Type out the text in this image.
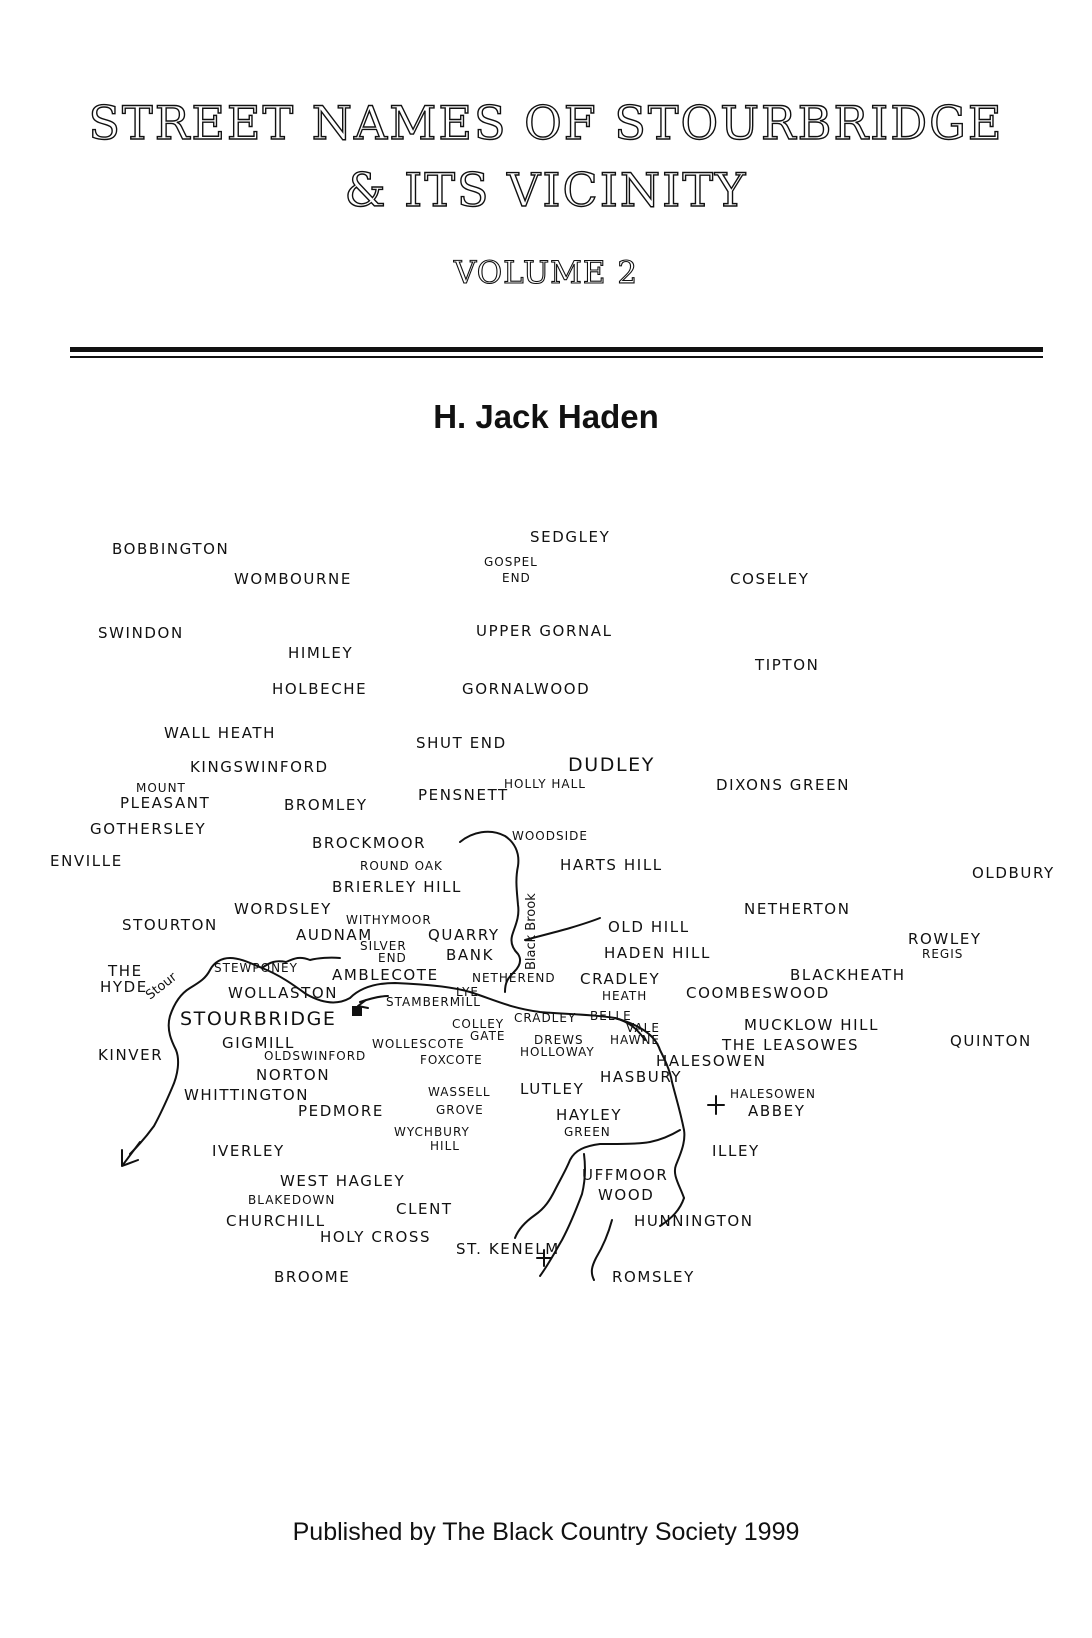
STREET NAMES OF STOURBRIDGE
& ITS VICINITY
VOLUME 2
H. Jack Haden
Stour
Black Brook
SEDGLEY
BOBBINGTON
WOMBOURNE
GOSPEL
END	COSELEY
SWINDON	UPPER GORNAL
HIMLEY
TIPTON
HOLBECHE	GORNALWOOD
WALL HEATH
SHUT END
DUDLEY
KINGSWINFORD
HOLLY HALL	DIXONS GREEN
MOUNT
PLEASANT	PENSNETT
BROMLEY
GOTHERSLEY	WOODSIDE
BROCKMOOR
ENVILLE	ROUND OAK	HARTS HILL	OLDBURY
BRIERLEY HILL
WORDSLEY	NETHERTON
STOURTON	WITHYMOOR
AUDNAM	QUARRY	OLD HILL
ROWLEY
REGIS
SILVER
END	BANK	HADEN HILL
THE
HYDE
STEWPONEY AMBLECOTE	NETHEREND CRADLEY	BLACKHEATH
WOLLASTON	LYE	HEATH	COOMBESWOOD
STAMBERMILL
STOURBRIDGE	COLLEY CRADLEY BELLE
VALE	MUCKLOW HILL
GATE	QUINTON
GIGMILL	WOLLESCOTE	DREWS HAWNE	THE LEASOWES
KINVER	OLDSWINFORD	HOLLOWAY
FOXCOTE	HALESOWEN
NORTON	HASBURY
WHITTINGTON	WASSELL LUTLEY	HALESOWEN
PEDMORE	GROVE	HAYLEY	ABBEY
WYCHBURY	GREEN
IVERLEY	HILL	ILLEY
UFFMOOR
WEST HAGLEY
WOOD
BLAKEDOWN	CLENT
HUNNINGTON
CHURCHILL
HOLY CROSS
ST. KENELM
BROOME	ROMSLEY
Published by The Black Country Society 1999
